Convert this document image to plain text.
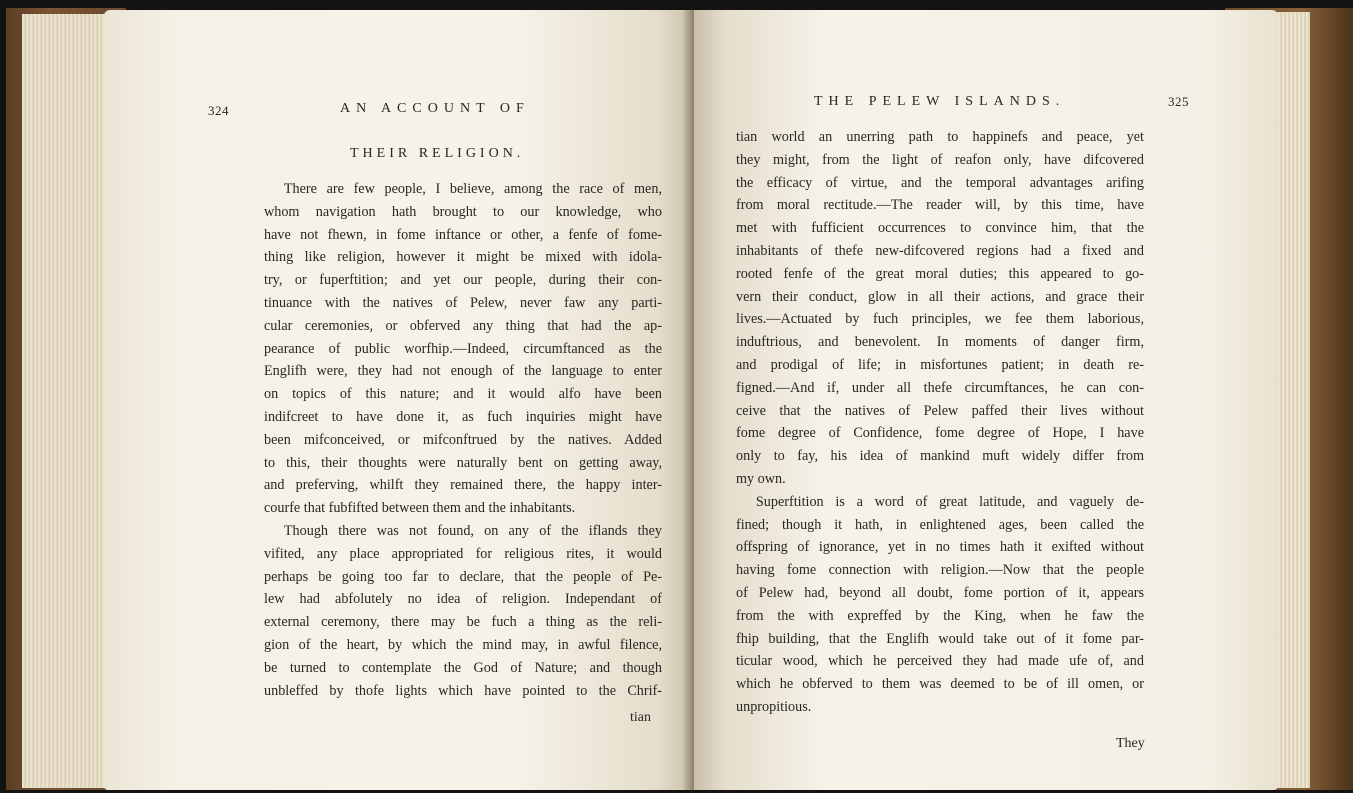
324	AN ACCOUNT OF
THEIR RELIGION.
There are few people, I believe, among the race of men,
whom navigation hath brought to our knowledge, who
have not fhewn, in fome inftance or other, a fenfe of fome-
thing like religion, however it might be mixed with idola-
try, or fuperftition; and yet our people, during their con-
tinuance with the natives of Pelew, never faw any parti-
cular ceremonies, or obferved any thing that had the ap-
pearance of public worfhip.—Indeed, circumftanced as the
Englifh were, they had not enough of the language to enter
on topics of this nature; and it would alfo have been
indifcreet to have done it, as fuch inquiries might have
been mifconceived, or mifconftrued by the natives. Added
to this, their thoughts were naturally bent on getting away,
and preferving, whilft they remained there, the happy inter-
courfe that fubfifted between them and the inhabitants.
Though there was not found, on any of the iflands they
vifited, any place appropriated for religious rites, it would
perhaps be going too far to declare, that the people of Pe-
lew had abfolutely no idea of religion. Independant of
external ceremony, there may be fuch a thing as the reli-
gion of the heart, by which the mind may, in awful filence,
be turned to contemplate the God of Nature; and though
unbleffed by thofe lights which have pointed to the Chrif-
tian
THE PELEW ISLANDS.	325
tian world an unerring path to happinefs and peace, yet
they might, from the light of reafon only, have difcovered
the efficacy of virtue, and the temporal advantages arifing
from moral rectitude.—The reader will, by this time, have
met with fufficient occurrences to convince him, that the
inhabitants of thefe new-difcovered regions had a fixed and
rooted fenfe of the great moral duties; this appeared to go-
vern their conduct, glow in all their actions, and grace their
lives.—Actuated by fuch principles, we fee them laborious,
induftrious, and benevolent. In moments of danger firm,
and prodigal of life; in misfortunes patient; in death re-
figned.—And if, under all thefe circumftances, he can con-
ceive that the natives of Pelew paffed their lives without
fome degree of Confidence, fome degree of Hope, I have
only to fay, his idea of mankind muft widely differ from
my own.
Superftition is a word of great latitude, and vaguely de-
fined; though it hath, in enlightened ages, been called the
offspring of ignorance, yet in no times hath it exifted without
having fome connection with religion.—Now that the people
of Pelew had, beyond all doubt, fome portion of it, appears
from the with expreffed by the King, when he faw the
fhip building, that the Englifh would take out of it fome par-
ticular wood, which he perceived they had made ufe of, and
which he obferved to them was deemed to be of ill omen, or
unpropitious.
They
